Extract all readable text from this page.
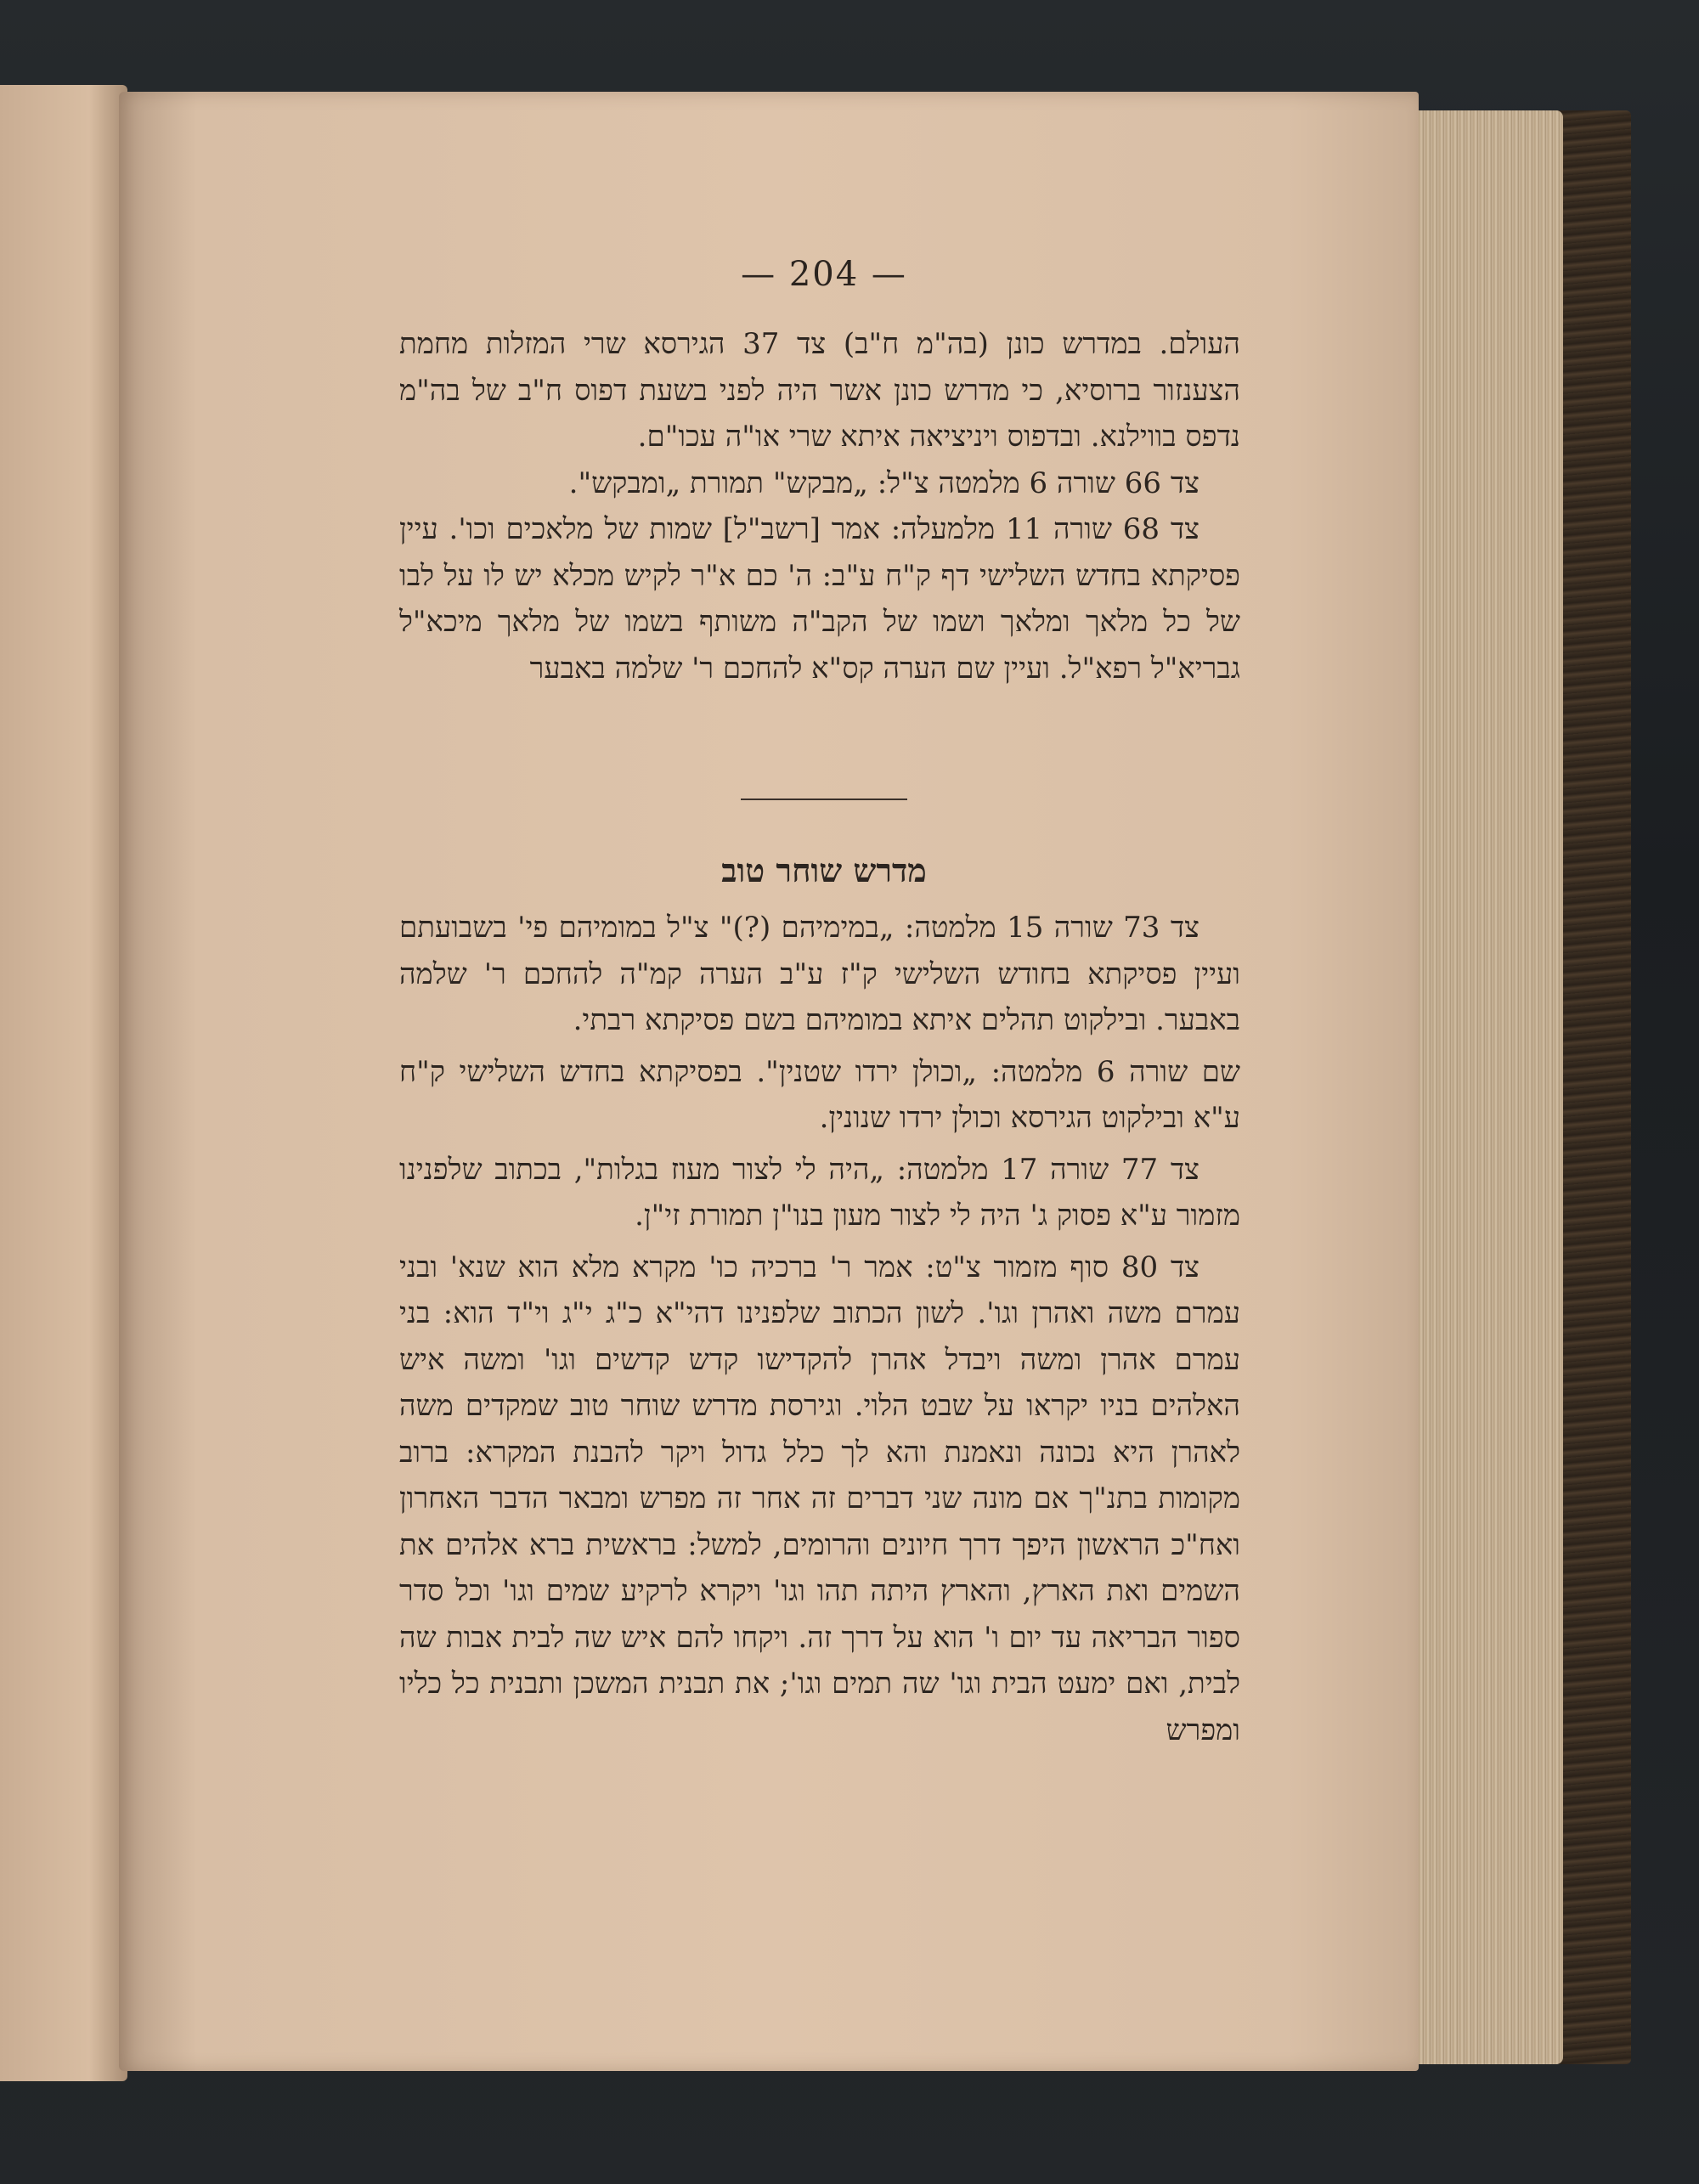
— 204 —

העולם. במדרש כונן (בה"מ ח"ב) צד 37 הגירסא שרי המזלות מחמת הצענזור ברוסיא, כי מדרש כונן אשר היה לפני בשעת דפוס ח"ב של בה"מ נדפס בווילנא. ובדפוס ויניציאה איתא שרי או"ה עכו"ם.

צד 66 שורה 6 מלמטה צ"ל: „מבקש" תמורת „ומבקש".

צד 68 שורה 11 מלמעלה: אמר [רשב"ל] שמות של מלאכים וכו'. עיין פסיקתא בחדש השלישי דף ק"ח ע"ב: ה' כם א"ר לקיש מכלא יש לו על לבו של כל מלאך ומלאך ושמו של הקב"ה משותף בשמו של מלאך מיכא"ל גבריא"ל רפא"ל. ועיין שם הערה קס"א להחכם ר' שלמה באבער

מדרש שוחר טוב

צד 73 שורה 15 מלמטה: „במימיהם (?)" צ"ל במומיהם פי' בשבועתם ועיין פסיקתא בחודש השלישי ק"ז ע"ב הערה קמ"ה להחכם ר' שלמה באבער. ובילקוט תהלים איתא במומיהם בשם פסיקתא רבתי.

שם שורה 6 מלמטה: „וכולן ירדו שטנין". בפסיקתא בחדש השלישי ק"ח ע"א ובילקוט הגירסא וכולן ירדו שנונין.

צד 77 שורה 17 מלמטה: „היה לי לצור מעוז בגלות", בכתוב שלפנינו מזמור ע"א פסוק ג' היה לי לצור מעון בנו"ן תמורת זי"ן.

צד 80 סוף מזמור צ"ט: אמר ר' ברכיה כו' מקרא מלא הוא שנא' ובני עמרם משה ואהרן וגו'. לשון הכתוב שלפנינו דהי"א כ"ג י"ג וי"ד הוא: בני עמרם אהרן ומשה ויבדל אהרן להקדישו קדש קדשים וגו' ומשה איש האלהים בניו יקראו על שבט הלוי. וגירסת מדרש שוחר טוב שמקדים משה לאהרן היא נכונה ונאמנת והא לך כלל גדול ויקר להבנת המקרא: ברוב מקומות בתנ"ך אם מונה שני דברים זה אחר זה מפרש ומבאר הדבר האחרון ואח"כ הראשון היפך דרך חיונים והרומים, למשל: בראשית ברא אלהים את השמים ואת הארץ, והארץ היתה תהו וגו' ויקרא לרקיע שמים וגו' וכל סדר ספור הבריאה עד יום ו' הוא על דרך זה. ויקחו להם איש שה לבית אבות שה לבית, ואם ימעט הבית וגו' שה תמים וגו'; את תבנית המשכן ותבנית כל כליו ומפרש
